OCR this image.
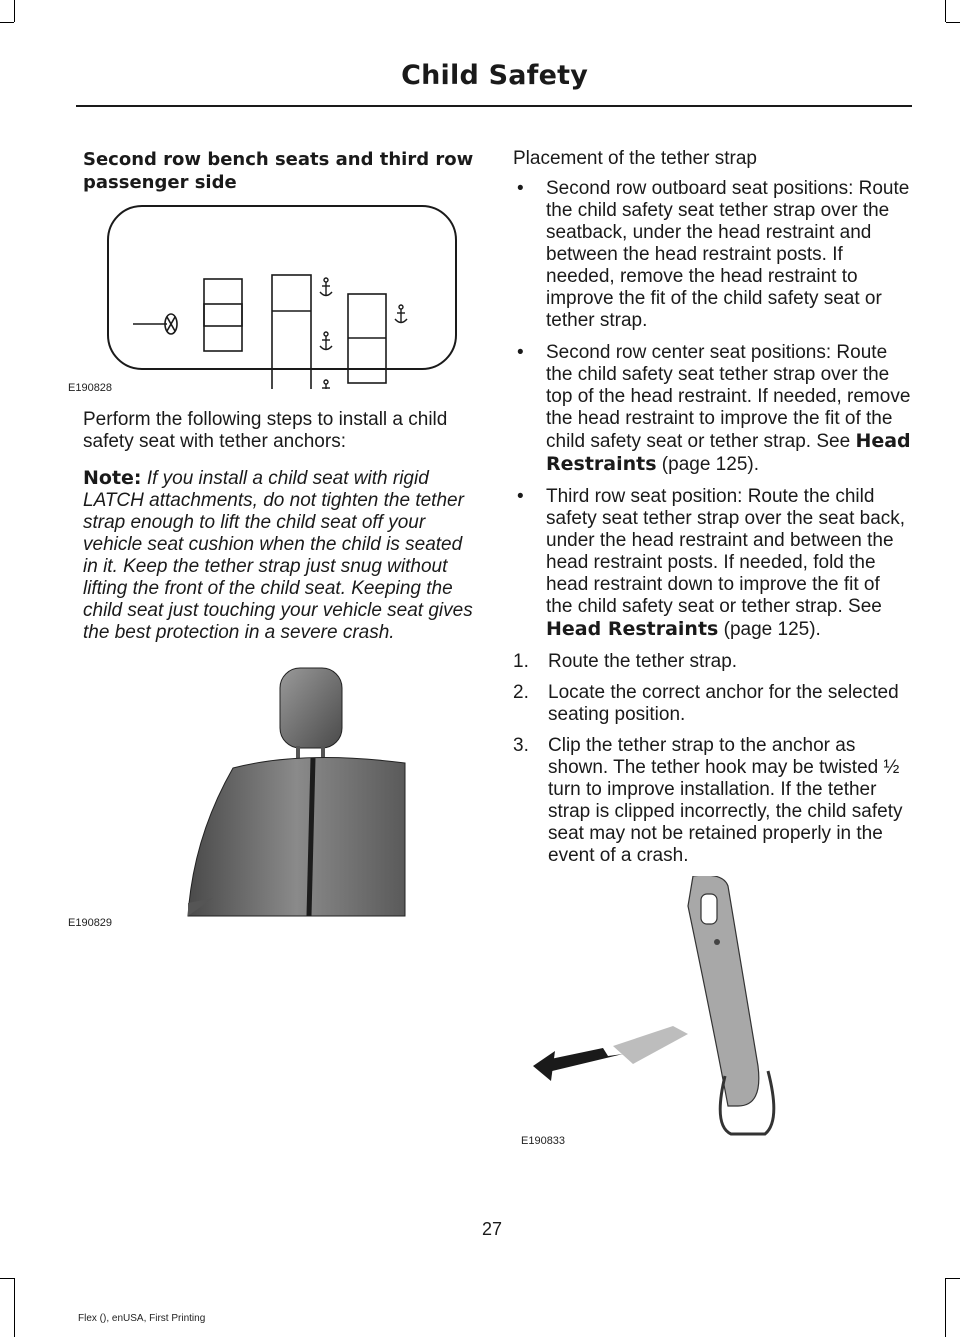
Child Safety
Second row bench seats and third row passenger side
E190828

Perform the following steps to install a child safety seat with tether anchors:

Note: If you install a child seat with rigid LATCH attachments, do not tighten the tether strap enough to lift the child seat off your vehicle seat cushion when the child is seated in it. Keep the tether strap just snug without lifting the front of the child seat. Keeping the child seat just touching your vehicle seat gives the best protection in a severe crash.

E190829

Placement of the tether strap

• Second row outboard seat positions: Route the child safety seat tether strap over the seatback, under the head restraint and between the head restraint posts. If needed, remove the head restraint to improve the fit of the child safety seat or tether strap.
• Second row center seat positions: Route the child safety seat tether strap over the top of the head restraint. If needed, remove the head restraint to improve the fit of the child safety seat or tether strap. See Head Restraints (page 125).
• Third row seat position: Route the child safety seat tether strap over the seat back, under the head restraint and between the head restraint posts. If needed, fold the head restraint down to improve the fit of the child safety seat or tether strap. See Head Restraints (page 125).
1. Route the tether strap.
2. Locate the correct anchor for the selected seating position.
3. Clip the tether strap to the anchor as shown. The tether hook may be twisted ½ turn to improve installation. If the tether strap is clipped incorrectly, the child safety seat may not be retained properly in the event of a crash.
E190833
27
Flex (), enUSA, First Printing
